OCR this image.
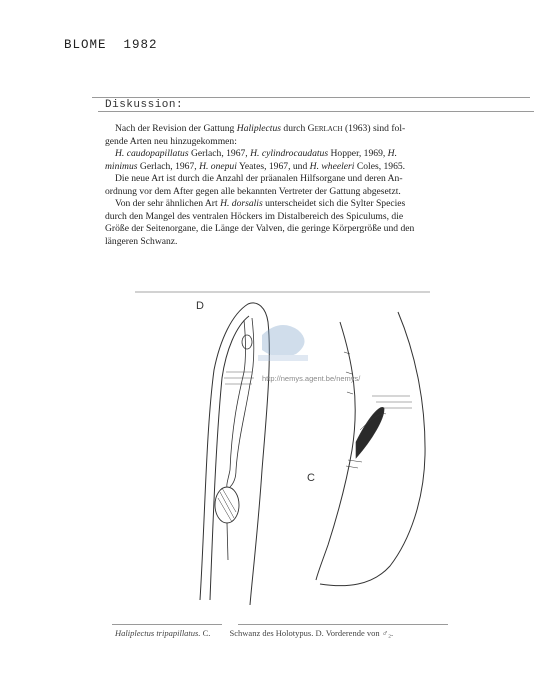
BLOME 1982
Diskussion:
Nach der Revision der Gattung Haliplectus durch Gerlach (1963) sind fol-
gende Arten neu hinzugekommen:
H. caudopapillatus Gerlach, 1967, H. cylindrocaudatus Hopper, 1969, H.
minimus Gerlach, 1967, H. onepui Yeates, 1967, und H. wheeleri Coles, 1965.
Die neue Art ist durch die Anzahl der präanalen Hilfsorgane und deren An-
ordnung vor dem After gegen alle bekannten Vertreter der Gattung abgesetzt.
Von der sehr ähnlichen Art H. dorsalis unterscheidet sich die Sylter Species
durch den Mangel des ventralen Höckers im Distalbereich des Spiculums, die
Größe der Seitenorgane, die Länge der Valven, die geringe Körpergröße und den
längeren Schwanz.
D
C
http://nemys.agent.be/nemys/
Haliplectus tripapillatus. C. Schwanz des Holotypus. D. Vorderende von ♂₂.
